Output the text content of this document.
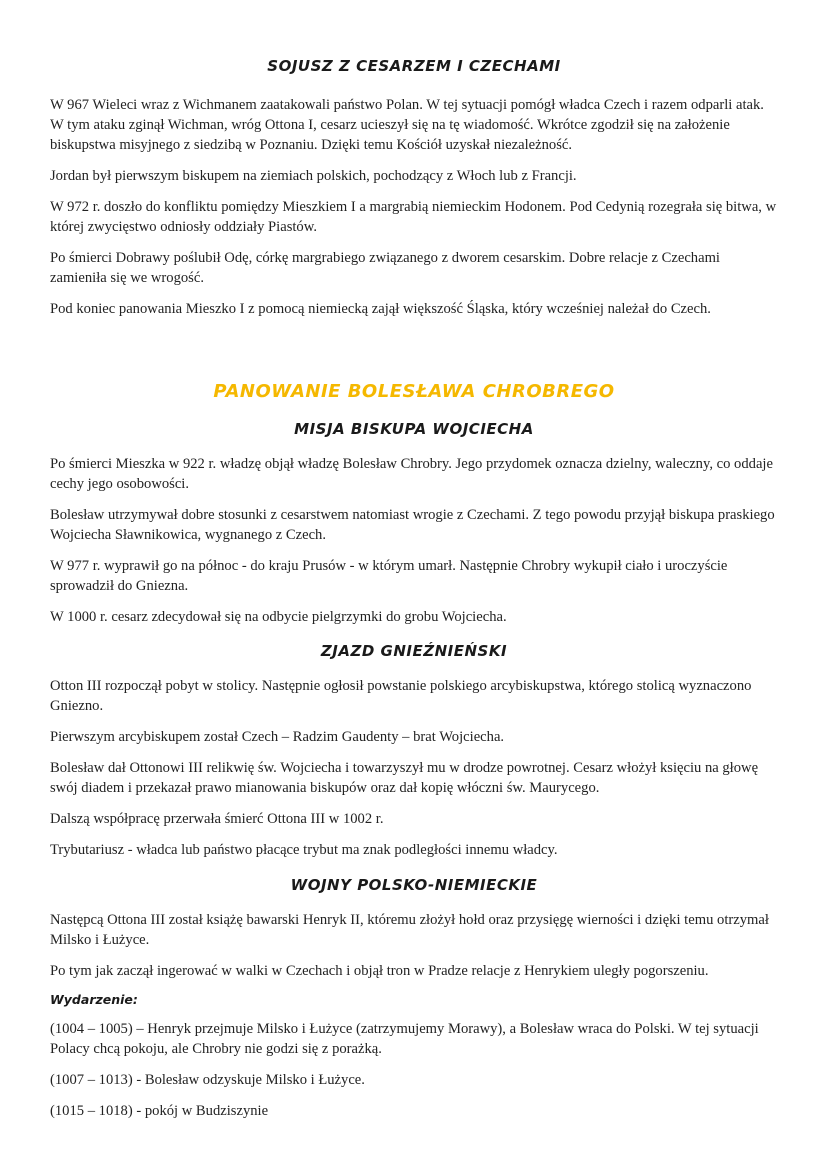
SOJUSZ Z CESARZEM I CZECHAMI

W 967 Wieleci wraz z Wichmanem zaatakowali państwo Polan. W tej sytuacji pomógł władca Czech i razem odparli atak. W tym ataku zginął Wichman, wróg Ottona I, cesarz ucieszył się na tę wiadomość. Wkrótce zgodził się na założenie biskupstwa misyjnego z siedzibą w Poznaniu. Dzięki temu Kościół uzyskał niezależność.

Jordan był pierwszym biskupem na ziemiach polskich, pochodzący z Włoch lub z Francji.

W 972 r. doszło do konfliktu pomiędzy Mieszkiem I a margrabią niemieckim Hodonem. Pod Cedynią rozegrała się bitwa, w której zwycięstwo odniosły oddziały Piastów.

Po śmierci Dobrawy poślubił Odę, córkę margrabiego związanego z dworem cesarskim. Dobre relacje z Czechami zamieniła się we wrogość.

Pod koniec panowania Mieszko I z pomocą niemiecką zajął większość Śląska, który wcześniej należał do Czech.

PANOWANIE BOLESŁAWA CHROBREGO
MISJA BISKUPA WOJCIECHA

Po śmierci Mieszka w 922 r. władzę objął władzę Bolesław Chrobry. Jego przydomek oznacza dzielny, waleczny, co oddaje cechy jego osobowości.

Bolesław utrzymywał dobre stosunki z cesarstwem natomiast wrogie z Czechami. Z tego powodu przyjął biskupa praskiego Wojciecha Sławnikowica, wygnanego z Czech.

W 977 r. wyprawił go na północ - do kraju Prusów - w którym umarł. Następnie Chrobry wykupił ciało i uroczyście sprowadził do Gniezna.

W 1000 r. cesarz zdecydował się na odbycie pielgrzymki do grobu Wojciecha.

ZJAZD GNIEŹNIEŃSKI

Otton III rozpoczął pobyt w stolicy. Następnie ogłosił powstanie polskiego arcybiskupstwa, którego stolicą wyznaczono Gniezno.

Pierwszym arcybiskupem został Czech – Radzim Gaudenty – brat Wojciecha.

Bolesław dał Ottonowi III relikwię św. Wojciecha i towarzyszył mu w drodze powrotnej. Cesarz włożył księciu na głowę swój diadem i przekazał prawo mianowania biskupów oraz dał kopię włóczni św. Maurycego.

Dalszą współpracę przerwała śmierć Ottona III w 1002 r.

Trybutariusz - władca lub państwo płacące trybut ma znak podległości innemu władcy.

WOJNY POLSKO-NIEMIECKIE

Następcą Ottona III został książę bawarski Henryk II, któremu złożył hołd oraz przysięgę wierności i dzięki temu otrzymał Milsko i Łużyce.

Po tym jak zaczął ingerować w walki w Czechach i objął tron w Pradze relacje z Henrykiem uległy pogorszeniu.

Wydarzenie:

(1004 – 1005) – Henryk przejmuje Milsko i Łużyce (zatrzymujemy Morawy), a Bolesław wraca do Polski. W tej sytuacji Polacy chcą pokoju, ale Chrobry nie godzi się z porażką.

(1007 – 1013) - Bolesław odzyskuje Milsko i Łużyce.

(1015 – 1018) - pokój w Budziszynie
